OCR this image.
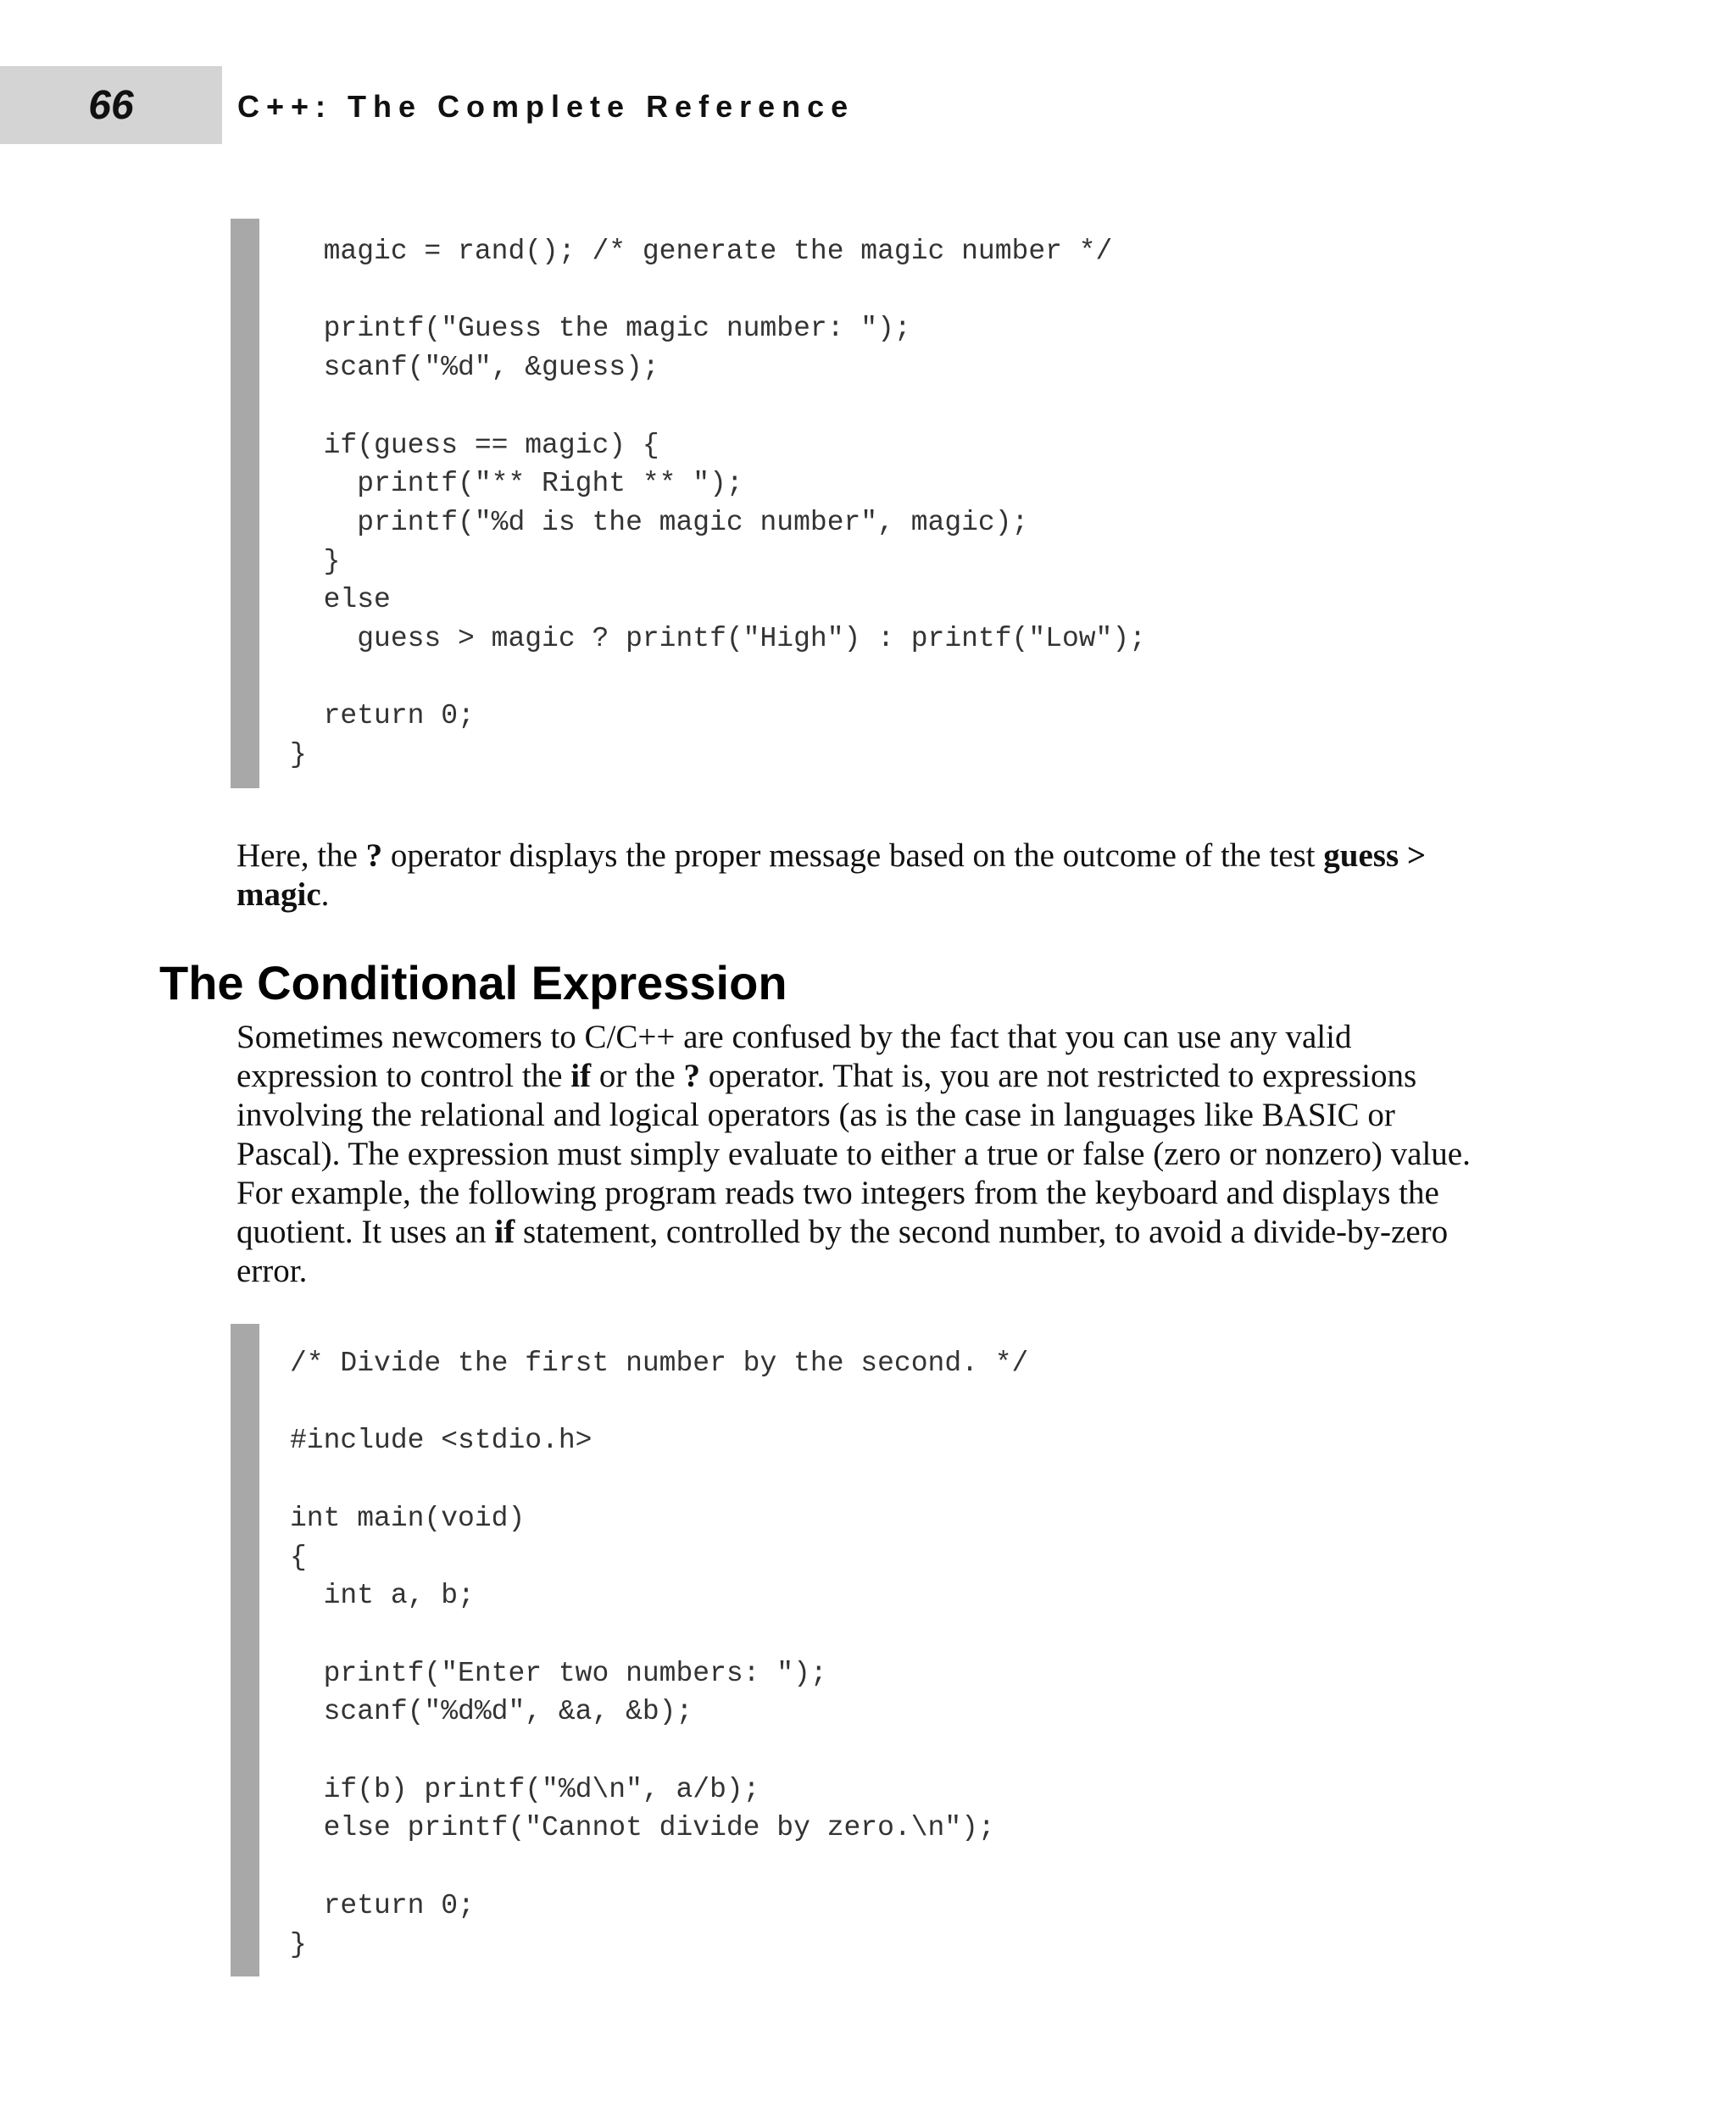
66	C++: The Complete Reference
magic = rand(); /* generate the magic number */

printf("Guess the magic number: ");
scanf("%d", &guess);

if(guess == magic) {
printf("** Right ** ");
printf("%d is the magic number", magic);
}
else
guess > magic ? printf("High") : printf("Low");

return 0;
}

Here, the ? operator displays the proper message based on the outcome of the test guess > magic.

The Conditional Expression

Sometimes newcomers to C/C++ are confused by the fact that you can use any valid expression to control the if or the ? operator. That is, you are not restricted to expressions involving the relational and logical operators (as is the case in languages like BASIC or Pascal). The expression must simply evaluate to either a true or false (zero or nonzero) value. For example, the following program reads two integers from the keyboard and displays the quotient. It uses an if statement, controlled by the second number, to avoid a divide-by-zero error.

/* Divide the first number by the second. */

#include <stdio.h>

int main(void)
{
int a, b;

printf("Enter two numbers: ");
scanf("%d%d", &a, &b);

if(b) printf("%d\n", a/b);
else printf("Cannot divide by zero.\n");

return 0;
}
